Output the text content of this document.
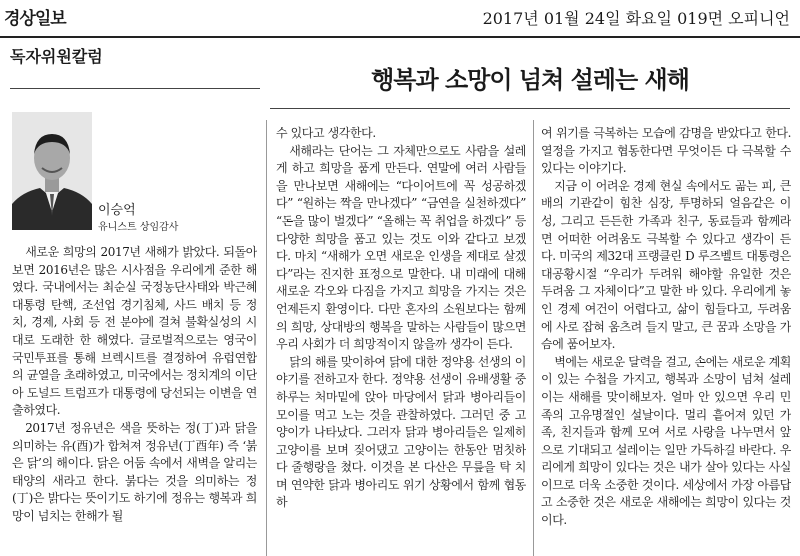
경상일보	2017년 01월 24일 화요일 019면 오피니언
독자위원칼럼
행복과 소망이 넘쳐 설레는 새해
이승억
유니스트 상임감사

새로운 희망의 2017년 새해가 밝았다. 되돌아보면 2016년은 많은 시사점을 우리에게 준한 해였다. 국내에서는 최순실 국정농단사태와 박근혜 대통령 탄핵, 조선업 경기침체, 사드 배치 등 정치, 경제, 사회 등 전 분야에 걸쳐 불확실성의 시대로 도래한 한 해였다. 글로벌적으로는 영국이 국민투표를 통해 브렉시트를 결정하여 유럽연합의 균열을 초래하였고, 미국에서는 정치계의 이단아 도널드 트럼프가 대통령에 당선되는 이변을 연출하였다.

2017년 정유년은 색을 뜻하는 정(丁)과 닭을 의미하는 유(酉)가 합쳐져 정유년(丁酉年) 즉 ‘붉은 닭’의 해이다. 닭은 어둠 속에서 새벽을 알리는 태양의 새라고 한다. 붉다는 것을 의미하는 정(丁)은 밝다는 뜻이기도 하기에 정유는 행복과 희망이 넘치는 한해가 될

수 있다고 생각한다.

새해라는 단어는 그 자체만으로도 사람을 설레게 하고 희망을 품게 만든다. 연말에 여러 사람들을 만나보면 새해에는 “다이어트에 꼭 성공하겠다” “원하는 짝을 만나겠다” “금연을 실천하겠다” “돈을 많이 벌겠다” “올해는 꼭 취업을 하겠다” 등 다양한 희망을 품고 있는 것도 이와 같다고 보겠다. 마치 “새해가 오면 새로운 인생을 제대로 살겠다”라는 진지한 표정으로 말한다. 내 미래에 대해 새로운 각오와 다짐을 가지고 희망을 가지는 것은 언제든지 환영이다. 다만 혼자의 소원보다는 함께의 희망, 상대방의 행복을 말하는 사람들이 많으면 우리 사회가 더 희망적이지 않을까 생각이 든다.

닭의 해를 맞이하여 닭에 대한 정약용 선생의 이야기를 전하고자 한다. 정약용 선생이 유배생활 중 하루는 처마밑에 앉아 마당에서 닭과 병아리들이 모이를 먹고 노는 것을 관찰하였다. 그러던 중 고양이가 나타났다. 그러자 닭과 병아리들은 일제히 고양이를 보며 짖어댔고 고양이는 한동안 멈칫하다 줄행랑을 쳤다. 이것을 본 다산은 무릎을 탁 치며 연약한 닭과 병아리도 위기 상황에서 함께 협동하

여 위기를 극복하는 모습에 감명을 받았다고 한다. 열정을 가지고 협동한다면 무엇이든 다 극복할 수 있다는 이야기다.

지금 이 어려운 경제 현실 속에서도 곪는 피, 큰 배의 기관같이 힘찬 심장, 투명하되 얼음같은 이성, 그리고 든든한 가족과 친구, 동료들과 함께라면 어떠한 어려움도 극복할 수 있다고 생각이 든다. 미국의 제32대 프랭클린 D 루즈벨트 대통령은 대공황시절 “우리가 두려워 해야할 유일한 것은 두려움 그 자체이다”고 말한 바 있다. 우리에게 놓인 경제 여건이 어렵다고, 삶이 힘들다고, 두려움에 사로 잡혀 움츠려 들지 말고, 큰 꿈과 소망을 가슴에 품어보자.

벽에는 새로운 달력을 걸고, 손에는 새로운 계획이 있는 수첩을 가지고, 행복과 소망이 넘쳐 설레이는 새해를 맞이해보자. 얼마 안 있으면 우리 민족의 고유명절인 설날이다. 멀리 흩어져 있던 가족, 친지들과 함께 모여 서로 사랑을 나누면서 앞으로 기대되고 설레이는 일만 가득하길 바란다. 우리에게 희망이 있다는 것은 내가 살아 있다는 사실이므로 더욱 소중한 것이다. 세상에서 가장 아름답고 소중한 것은 새로운 새해에는 희망이 있다는 것이다.
